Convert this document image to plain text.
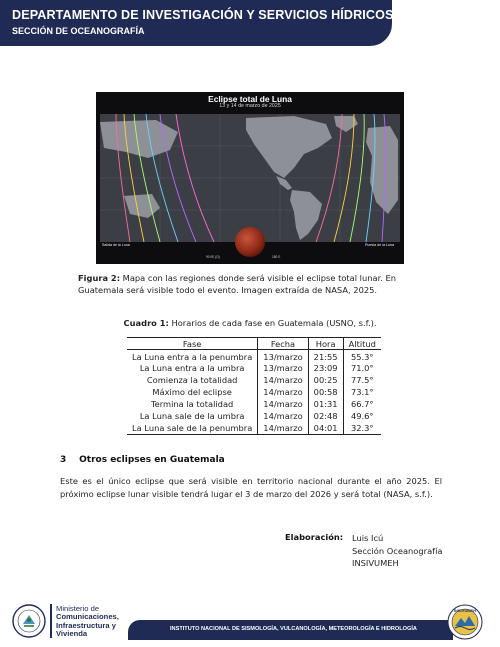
DEPARTAMENTO DE INVESTIGACIÓN Y SERVICIOS HÍDRICOS
SECCIÓN DE OCEANOGRAFÍA
Eclipse total de Luna
13 y 14 de marzo de 2025
Salida de la Luna	Puesta de la Luna
90 0E (O)	180 E
Figura 2: Mapa con las regiones donde será visible el eclipse total lunar. En Guatemala será visible todo el evento. Imagen extraída de NASA, 2025.
Cuadro 1: Horarios de cada fase en Guatemala (USNO, s.f.).
Fase	Fecha	Hora	Altitud
La Luna entra a la penumbra	13/marzo	21:55	55.3°
La Luna entra a la umbra	13/marzo	23:09	71.0°
Comienza la totalidad	14/marzo	00:25	77.5°
Máximo del eclipse	14/marzo	00:58	73.1°
Termina la totalidad	14/marzo	01:31	66.7°
La Luna sale de la umbra	14/marzo	02:48	49.6°
La Luna sale de la penumbra	14/marzo	04:01	32.3°
3 Otros eclipses en Guatemala
Este es el único eclipse que será visible en territorio nacional durante el año 2025. El próximo eclipse lunar visible tendrá lugar el 3 de marzo del 2026 y será total (NASA, s.f.).
Elaboración: Luis Icú
Sección Oceanografía
INSIVUMEH
Ministerio de
Comunicaciones,
Infraestructura y
Vivienda	INSTITUTO NACIONAL DE SISMOLOGÍA, VULCANOLOGÍA, METEOROLOGÍA E HIDROLOGÍA
INSIVUMEH
